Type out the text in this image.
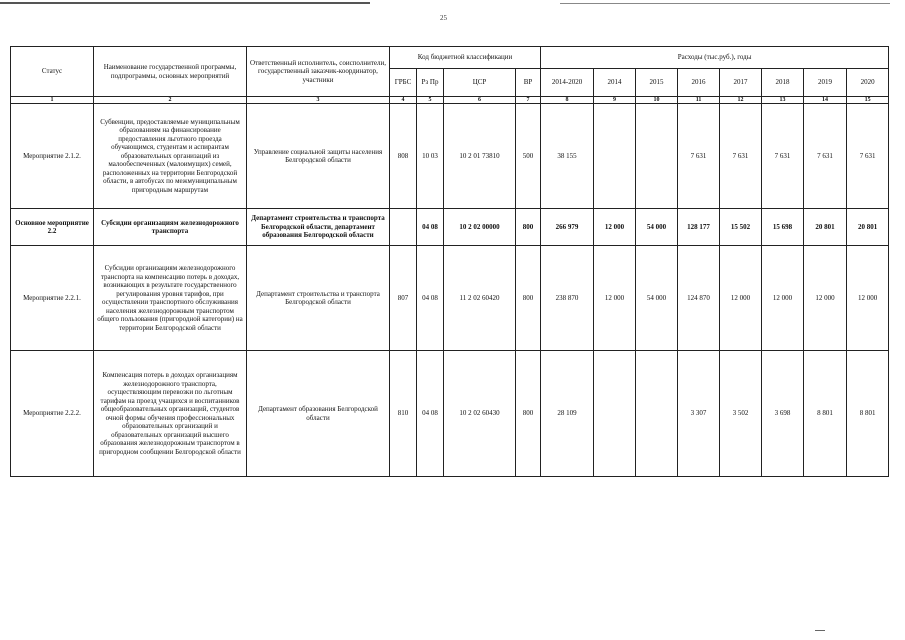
25
Статус	Наименование государственной программы, подпрограммы, основных мероприятий	Ответственный исполнитель, соисполнители, государственный заказчик-координатор, участники	Код бюджетной классификации				Расходы (тыс.руб.), годы							
			ГРБС	Рз Пр	ЦСР	ВР	2014-2020	2014	2015	2016	2017	2018	2019	2020
1	2	3	4	5	6	7	8	9	10	11	12	13	14	15
Мероприятие 2.1.2.	Субвенции, предоставляемые муниципальным образованиям на финансирование предоставления льготного проезда обучающимся, студентам и аспирантам образовательных организаций из малообеспеченных (малоимущих) семей, расположенных на территории Белгородской области, в автобусах по межмуниципальным пригородным маршрутам	Управление социальной защиты населения Белгородской области	808	10 03	10 2 01 73810	500	38 155			7 631	7 631	7 631	7 631	7 631
Основное мероприятие 2.2	Субсидии организациям железнодорожного транспорта	Департамент строительства и транспорта Белгородской области, департамент образования Белгородской области		04 08	10 2 02 00000	800	266 979	12 000	54 000	128 177	15 502	15 698	20 801	20 801
Мероприятие 2.2.1.	Субсидии организациям железнодорожного транспорта на компенсацию потерь в доходах, возникающих в результате государственного регулирования уровня тарифов, при осуществлении транспортного обслуживания населения железнодорожным транспортом общего пользования (пригородной категории) на территории Белгородской области	Департамент строительства и транспорта Белгородской области	807	04 08	11 2 02 60420	800	238 870	12 000	54 000	124 870	12 000	12 000	12 000	12 000
Мероприятие 2.2.2.	Компенсация потерь в доходах организациям железнодорожного транспорта, осуществляющим перевозки по льготным тарифам на проезд учащихся и воспитанников общеобразовательных организаций, студентов очной формы обучения профессиональных образовательных организаций и образовательных организаций высшего образования железнодорожным транспортом в пригородном сообщении Белгородской области	Департамент образования Белгородской области	810	04 08	10 2 02 60430	800	28 109			3 307	3 502	3 698	8 801	8 801
